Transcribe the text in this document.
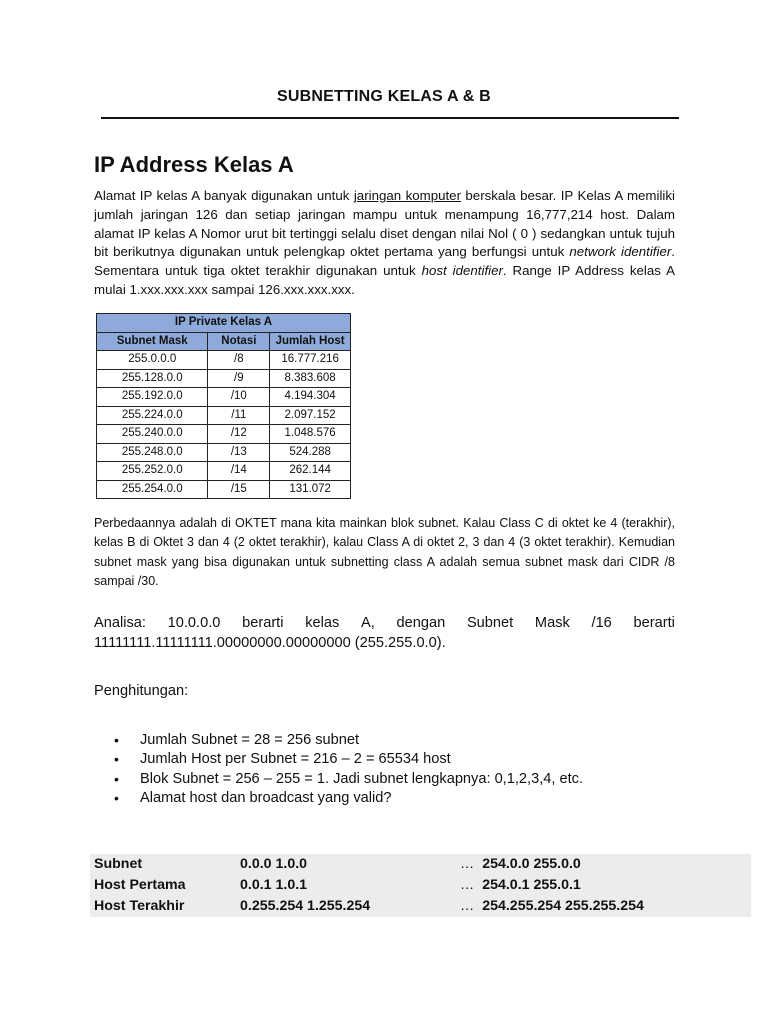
SUBNETTING KELAS A & B
IP Address Kelas A

Alamat IP kelas A banyak digunakan untuk jaringan komputer berskala besar. IP Kelas A memiliki jumlah jaringan 126 dan setiap jaringan mampu untuk menampung 16,777,214 host. Dalam alamat IP kelas A Nomor urut bit tertinggi selalu diset dengan nilai Nol ( 0 ) sedangkan untuk tujuh bit berikutnya digunakan untuk pelengkap oktet pertama yang berfungsi untuk network identifier. Sementara untuk tiga oktet terakhir digunakan untuk host identifier. Range IP Address kelas A mulai 1.xxx.xxx.xxx sampai 126.xxx.xxx.xxx.

IP Private Kelas A		
Subnet Mask	Notasi	Jumlah Host
255.0.0.0	/8	16.777.216
255.128.0.0	/9	8.383.608
255.192.0.0	/10	4.194.304
255.224.0.0	/11	2.097.152
255.240.0.0	/12	1.048.576
255.248.0.0	/13	524.288
255.252.0.0	/14	262.144
255.254.0.0	/15	131.072

Perbedaannya adalah di OKTET mana kita mainkan blok subnet. Kalau Class C di oktet ke 4 (terakhir), kelas B di Oktet 3 dan 4 (2 oktet terakhir), kalau Class A di oktet 2, 3 dan 4 (3 oktet terakhir). Kemudian subnet mask yang bisa digunakan untuk subnetting class A adalah semua subnet mask dari CIDR /8 sampai /30.

Analisa: 10.0.0.0 berarti kelas A, dengan Subnet Mask /16 berarti
11111111.11111111.00000000.00000000 (255.255.0.0).
Penghitungan:
• Jumlah Subnet = 28 = 256 subnet
• Jumlah Host per Subnet = 216 – 2 = 65534 host
• Blok Subnet = 256 – 255 = 1. Jadi subnet lengkapnya: 0,1,2,3,4, etc.
• Alamat host dan broadcast yang valid?
Subnet	0.0.0 1.0.0	…	254.0.0 255.0.0
Host Pertama	0.0.1 1.0.1	…	254.0.1 255.0.1
Host Terakhir	0.255.254 1.255.254	…	254.255.254 255.255.254
